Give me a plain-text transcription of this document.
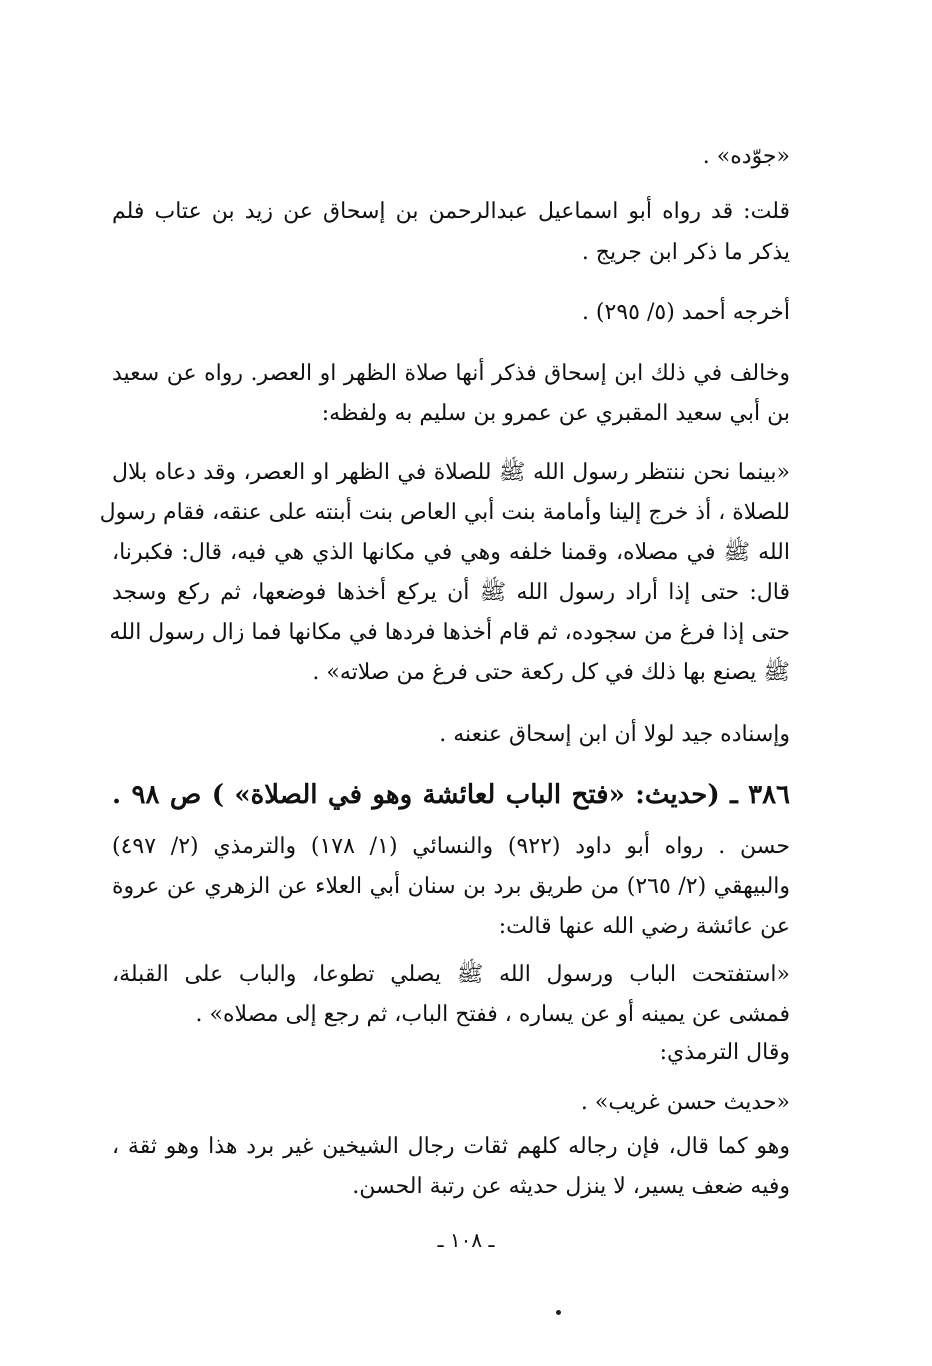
«جوّده» .
قلت: قد رواه أبو اسماعيل عبدالرحمن بن إسحاق عن زيد بن عتاب فلم
يذكر ما ذكر ابن جريج .
أخرجه أحمد (٥/ ٢٩٥) .
وخالف في ذلك ابن إسحاق فذكر أنها صلاة الظهر او العصر. رواه عن سعيد
بن أبي سعيد المقبري عن عمرو بن سليم به ولفظه:
«بينما نحن ننتظر رسول الله ﷺ للصلاة في الظهر او العصر، وقد دعاه بلال
للصلاة ، أذ خرج إلينا وأمامة بنت أبي العاص بنت أبنته على عنقه، فقام رسول
الله ﷺ في مصلاه، وقمنا خلفه وهي في مكانها الذي هي فيه، قال: فكبرنا،
قال: حتى إذا أراد رسول الله ﷺ أن يركع أخذها فوضعها، ثم ركع وسجد
حتى إذا فرغ من سجوده، ثم قام أخذها فردها في مكانها فما زال رسول الله
ﷺ يصنع بها ذلك في كل ركعة حتى فرغ من صلاته» .
وإسناده جيد لولا أن ابن إسحاق عنعنه .
٣٨٦ ـ (حديث: «فتح الباب لعائشة وهو في الصلاة» ) ص ٩٨ .
حسن . رواه أبو داود (٩٢٢) والنسائي (١/ ١٧٨) والترمذي (٢/ ٤٩٧)
والبيهقي (٢/ ٢٦٥) من طريق برد بن سنان أبي العلاء عن الزهري عن عروة
عن عائشة رضي الله عنها قالت:
«استفتحت الباب ورسول الله ﷺ يصلي تطوعا، والباب على القبلة،
فمشى عن يمينه أو عن يساره ، ففتح الباب، ثم رجع إلى مصلاه» .
وقال الترمذي:
«حديث حسن غريب» .
وهو كما قال، فإن رجاله كلهم ثقات رجال الشيخين غير برد هذا وهو ثقة ،
وفيه ضعف يسير، لا ينزل حديثه عن رتبة الحسن.
ـ ١٠٨ ـ
